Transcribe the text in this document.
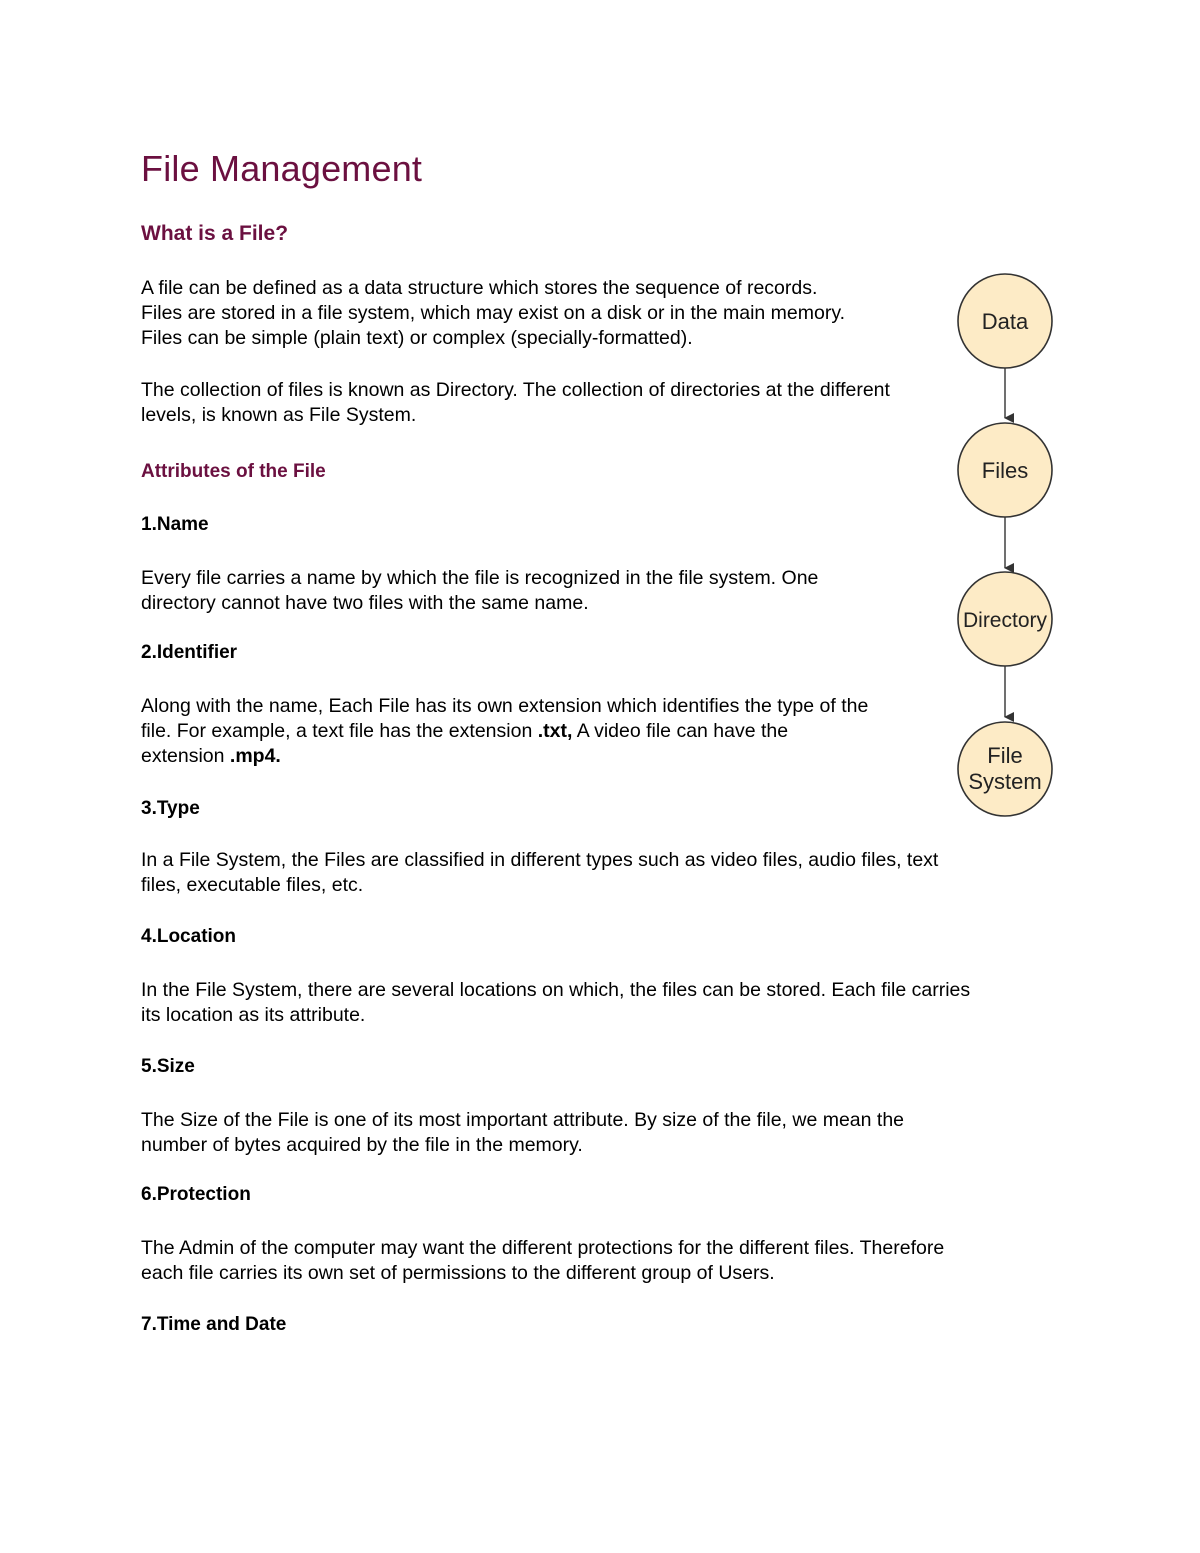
File Management
What is a File?

A file can be defined as a data structure which stores the sequence of records.
Files are stored in a file system, which may exist on a disk or in the main memory.
Files can be simple (plain text) or complex (specially-formatted).

The collection of files is known as Directory. The collection of directories at the different
levels, is known as File System.

Attributes of the File
1.Name

Every file carries a name by which the file is recognized in the file system. One
directory cannot have two files with the same name.

2.Identifier

Along with the name, Each File has its own extension which identifies the type of the
file. For example, a text file has the extension .txt, A video file can have the
extension .mp4.

3.Type

In a File System, the Files are classified in different types such as video files, audio files, text
files, executable files, etc.

4.Location

In the File System, there are several locations on which, the files can be stored. Each file carries
its location as its attribute.

5.Size

The Size of the File is one of its most important attribute. By size of the file, we mean the
number of bytes acquired by the file in the memory.

6.Protection

The Admin of the computer may want the different protections for the different files. Therefore
each file carries its own set of permissions to the different group of Users.

7.Time and Date
Data
Files
Directory
File
System
